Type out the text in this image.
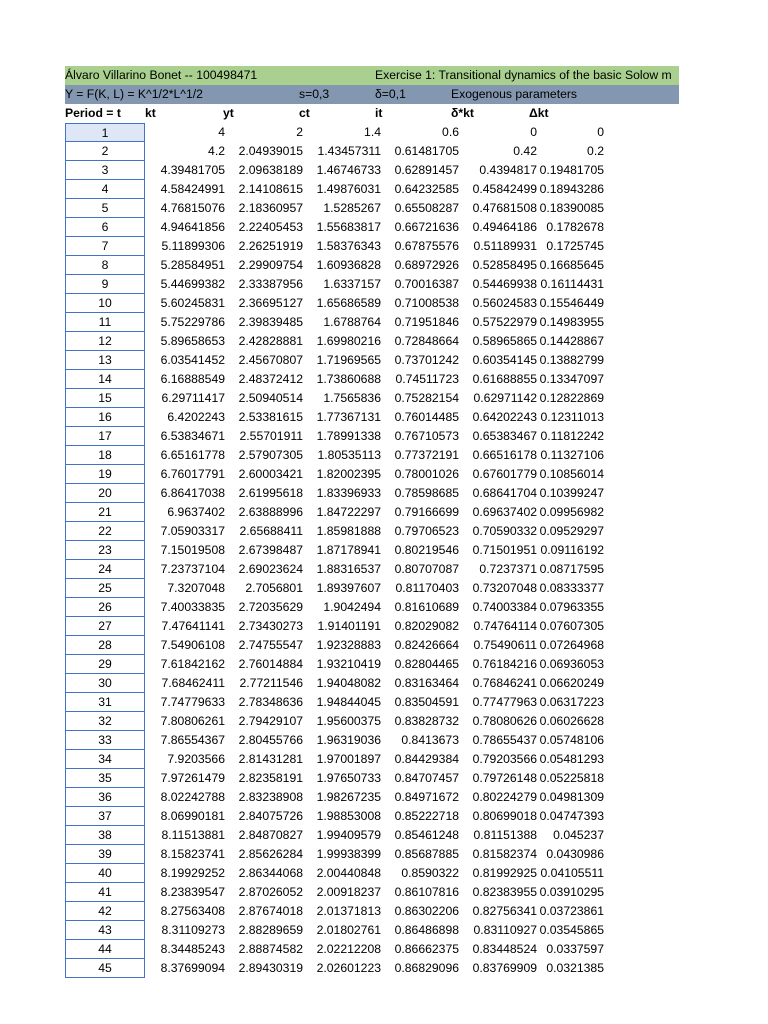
Álvaro Villarino Bonet -- 100498471	Exercise 1: Transitional dynamics of the basic Solow m
Y = F(K, L) = K^1/2*L^1/2	s=0,3	δ=0,1	Exogenous parameters
Period = t	kt	yt	ct	it	δ*kt	Δkt
1	4	2	1.4	0.6	0	0
2	4.2	2.04939015	1.43457311	0.61481705	0.42	0.2
3	4.39481705	2.09638189	1.46746733	0.62891457	0.4394817 0.19481705
4	4.58424991	2.14108615	1.49876031	0.64232585	0.45842499 0.18943286
5	4.76815076	2.18360957	1.5285267	0.65508287	0.47681508 0.18390085
6	4.94641856	2.22405453	1.55683817	0.66721636	0.49464186 0.1782678
7	5.11899306	2.26251919	1.58376343	0.67875576	0.51189931 0.1725745
8	5.28584951	2.29909754	1.60936828	0.68972926	0.52858495 0.16685645
9	5.44699382	2.33387956	1.6337157	0.70016387	0.54469938 0.16114431
10	5.60245831	2.36695127	1.65686589	0.71008538	0.56024583 0.15546449
11	5.75229786	2.39839485	1.6788764	0.71951846	0.57522979 0.14983955
12	5.89658653	2.42828881	1.69980216	0.72848664	0.58965865 0.14428867
13	6.03541452	2.45670807	1.71969565	0.73701242	0.60354145 0.13882799
14	6.16888549	2.48372412	1.73860688	0.74511723	0.61688855 0.13347097
15	6.29711417	2.50940514	1.7565836	0.75282154	0.62971142 0.12822869
16	6.4202243	2.53381615	1.77367131	0.76014485	0.64202243 0.12311013
17	6.53834671	2.55701911	1.78991338	0.76710573	0.65383467 0.11812242
18	6.65161778	2.57907305	1.80535113	0.77372191	0.66516178 0.11327106
19	6.76017791	2.60003421	1.82002395	0.78001026	0.67601779 0.10856014
20	6.86417038	2.61995618	1.83396933	0.78598685	0.68641704 0.10399247
21	6.9637402	2.63888996	1.84722297	0.79166699	0.69637402 0.09956982
22	7.05903317	2.65688411	1.85981888	0.79706523	0.70590332 0.09529297
23	7.15019508	2.67398487	1.87178941	0.80219546	0.71501951 0.09116192
24	7.23737104	2.69023624	1.88316537	0.80707087	0.7237371 0.08717595
25	7.3207048	2.7056801	1.89397607	0.81170403	0.73207048 0.08333377
26	7.40033835	2.72035629	1.9042494	0.81610689	0.74003384 0.07963355
27	7.47641141	2.73430273	1.91401191	0.82029082	0.74764114 0.07607305
28	7.54906108	2.74755547	1.92328883	0.82426664	0.75490611 0.07264968
29	7.61842162	2.76014884	1.93210419	0.82804465	0.76184216 0.06936053
30	7.68462411	2.77211546	1.94048082	0.83163464	0.76846241 0.06620249
31	7.74779633	2.78348636	1.94844045	0.83504591	0.77477963 0.06317223
32	7.80806261	2.79429107	1.95600375	0.83828732	0.78080626 0.06026628
33	7.86554367	2.80455766	1.96319036	0.8413673	0.78655437 0.05748106
34	7.9203566	2.81431281	1.97001897	0.84429384	0.79203566 0.05481293
35	7.97261479	2.82358191	1.97650733	0.84707457	0.79726148 0.05225818
36	8.02242788	2.83238908	1.98267235	0.84971672	0.80224279 0.04981309
37	8.06990181	2.84075726	1.98853008	0.85222718	0.80699018 0.04747393
38	8.11513881	2.84870827	1.99409579	0.85461248	0.81151388	0.045237
39	8.15823741	2.85626284	1.99938399	0.85687885	0.81582374 0.0430986
40	8.19929252	2.86344068	2.00440848	0.8590322	0.81992925 0.04105511
41	8.23839547	2.87026052	2.00918237	0.86107816	0.82383955 0.03910295
42	8.27563408	2.87674018	2.01371813	0.86302206	0.82756341 0.03723861
43	8.31109273	2.88289659	2.01802761	0.86486898	0.83110927 0.03545865
44	8.34485243	2.88874582	2.02212208	0.86662375	0.83448524 0.0337597
45	8.37699094	2.89430319	2.02601223	0.86829096	0.83769909 0.0321385
